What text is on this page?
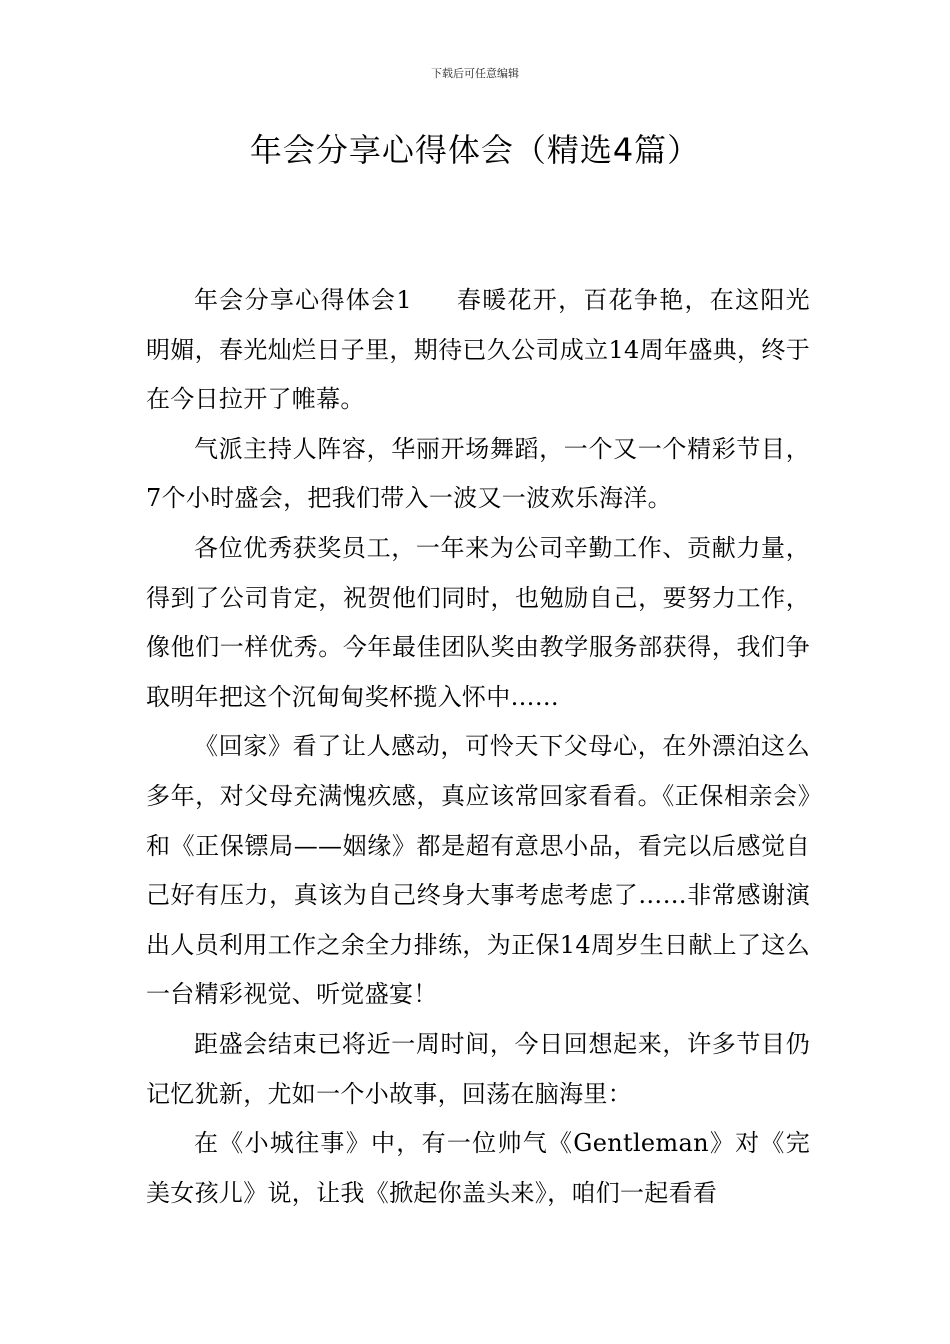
下载后可任意编辑
年会分享心得体会（精选4篇）

年会分享心得体会1 春暖花开，百花争艳，在这阳光明媚，春光灿烂日子里，期待已久公司成立14周年盛典，终于在今日拉开了帷幕。

气派主持人阵容，华丽开场舞蹈，一个又一个精彩节目，7个小时盛会，把我们带入一波又一波欢乐海洋。

各位优秀获奖员工，一年来为公司辛勤工作、贡献力量，得到了公司肯定，祝贺他们同时，也勉励自己，要努力工作，像他们一样优秀。今年最佳团队奖由教学服务部获得，我们争取明年把这个沉甸甸奖杯揽入怀中……

《回家》看了让人感动，可怜天下父母心，在外漂泊这么多年，对父母充满愧疚感，真应该常回家看看。《正保相亲会》和《正保镖局——姻缘》都是超有意思小品，看完以后感觉自己好有压力，真该为自己终身大事考虑考虑了……非常感谢演出人员利用工作之余全力排练，为正保14周岁生日献上了这么一台精彩视觉、听觉盛宴！

距盛会结束已将近一周时间，今日回想起来，许多节目仍记忆犹新，尤如一个小故事，回荡在脑海里：

在《小城往事》中，有一位帅气《Gentleman》对《完美女孩儿》说，让我《掀起你盖头来》，咱们一起看看
